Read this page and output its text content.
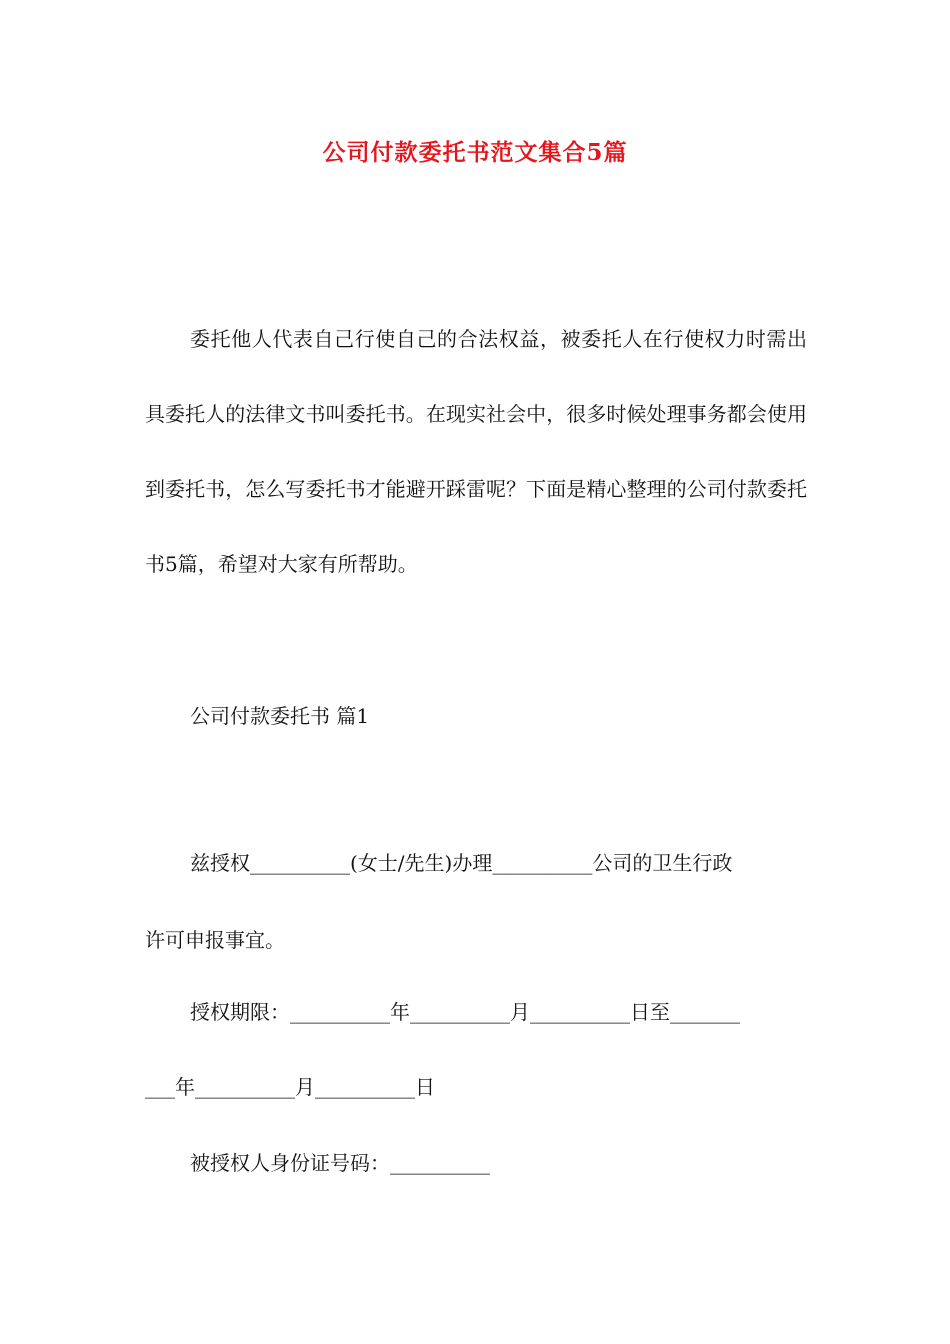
公司付款委托书范文集合5篇
委托他人代表自己行使自己的合法权益，被委托人在行使权力时需出具委托人的法律文书叫委托书。在现实社会中，很多时候处理事务都会使用到委托书，怎么写委托书才能避开踩雷呢？下面是精心整理的公司付款委托书5篇，希望对大家有所帮助。
公司付款委托书 篇1
兹授权__________(女士/先生)办理__________公司的卫生行政
许可申报事宜。
授权期限：__________年__________月__________日至_______
___年__________月__________日
被授权人身份证号码：__________
